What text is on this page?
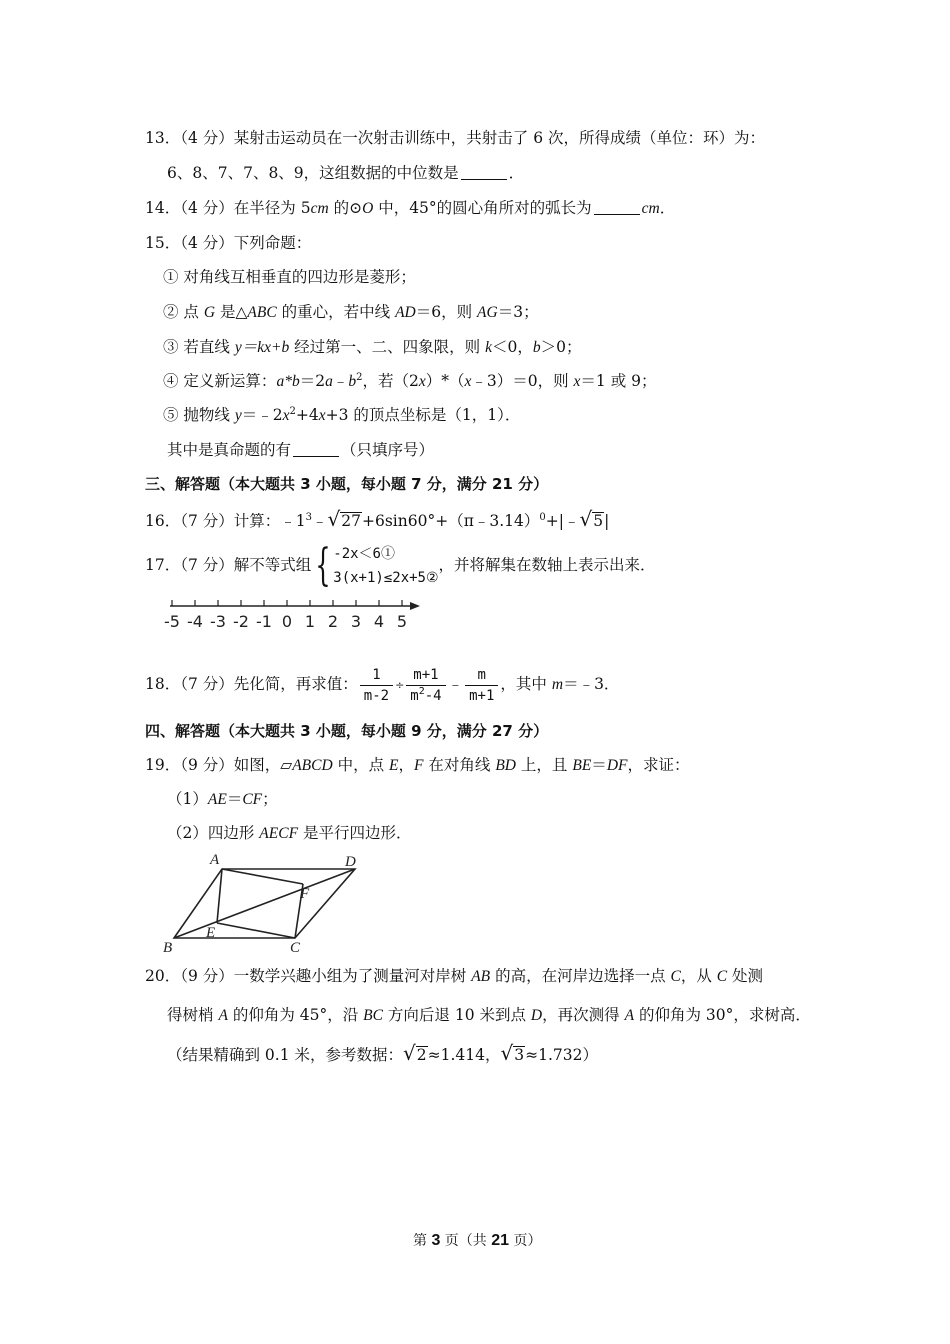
13．（4 分）某射击运动员在一次射击训练中，共射击了 6 次，所得成绩（单位：环）为：
6、8、7、7、8、9，这组数据的中位数是	．
14．（4 分）在半径为 5cm 的⊙O 中，45°的圆心角所对的弧长为	cm．
15．（4 分）下列命题：
① 对角线互相垂直的四边形是菱形；
② 点 G 是△ABC 的重心，若中线 AD＝6，则 AG＝3；
③ 若直线 y＝kx+b 经过第一、二、四象限，则 k＜0，b＞0；
④ 定义新运算：$a*b=2a﹣b^2$，若（2x）*（x﹣3）＝0，则 x＝1 或 9；
⑤ 抛物线 $y=﹣2x^2+4x+3$ 的顶点坐标是（1，1）．
其中是真命题的有	（只填序号）
三、解答题（本大题共 3 小题，每小题 7 分，满分 21 分）
16．（7 分）计算：$﹣1^3﹣√27+6\sin 60^\circ+(\pi﹣3.14)^0+|﹣√5|$
17．（7 分）解不等式组{ -2x＜6①
3(x+1)≤2x+5②
，并将解集在数轴上表示出来．
-5 -4 -3 -2 -1 0 1 2 3 4 5
18．（7 分）先化简，再求值： $\frac{1}{m-2} \div \frac{m+1}{m^2-4}$ ﹣ $\frac{m}{m+1}$ ，其中 m＝﹣3．
四、解答题（本大题共 3 小题，每小题 9 分，满分 27 分）
19．（9 分）如图，▱ABCD 中，点 E，F 在对角线 BD 上，且 BE＝DF，求证：
（1）AE＝CF；
（2）四边形 AECF 是平行四边形．
A	D
B	C
E
F
20．（9 分）一数学兴趣小组为了测量河对岸树 AB 的高，在河岸边选择一点 C，从 C 处测
得树梢 A 的仰角为 45°，沿 BC 方向后退 10 米到点 D，再次测得 A 的仰角为 30°，求树高．
（结果精确到 0.1 米，参考数据：√2≈1.414，√3≈1.732）
第 3 页（共 21 页）
